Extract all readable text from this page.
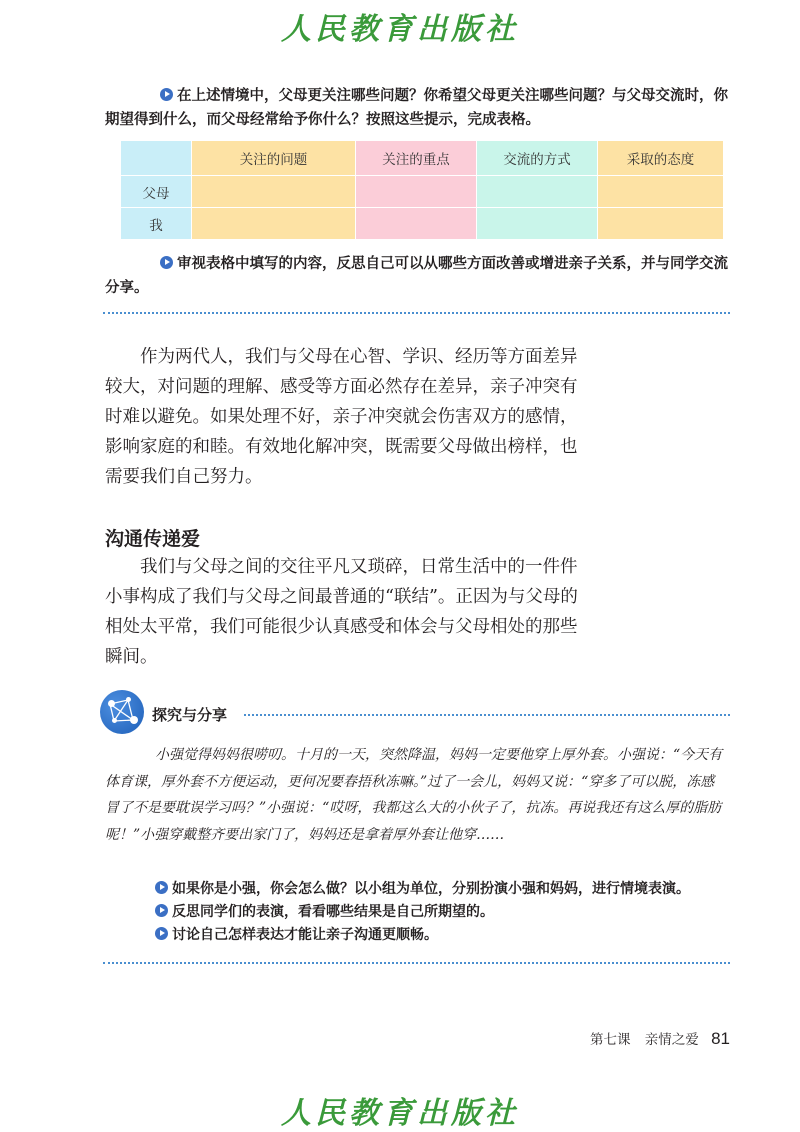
人民教育出版社
在上述情境中，父母更关注哪些问题？你希望父母更关注哪些问题？与父母交流时，你期望得到什么，而父母经常给予你什么？按照这些提示，完成表格。
	关注的问题	关注的重点	交流的方式	采取的态度
父母				
我				
审视表格中填写的内容，反思自己可以从哪些方面改善或增进亲子关系，并与同学交流分享。

作为两代人，我们与父母在心智、学识、经历等方面差异较大，对问题的理解、感受等方面必然存在差异，亲子冲突有时难以避免。如果处理不好，亲子冲突就会伤害双方的感情，影响家庭的和睦。有效地化解冲突，既需要父母做出榜样，也需要我们自己努力。

沟通传递爱

我们与父母之间的交往平凡又琐碎，日常生活中的一件件小事构成了我们与父母之间最普通的“联结”。正因为与父母的相处太平常，我们可能很少认真感受和体会与父母相处的那些瞬间。

探究与分享

小强觉得妈妈很唠叨。十月的一天，突然降温，妈妈一定要他穿上厚外套。小强说：“今天有体育课，厚外套不方便运动，更何况要春捂秋冻嘛。”过了一会儿，妈妈又说：“穿多了可以脱，冻感冒了不是要耽误学习吗？”小强说：“哎呀，我都这么大的小伙子了，抗冻。再说我还有这么厚的脂肪呢！”小强穿戴整齐要出家门了，妈妈还是拿着厚外套让他穿……

如果你是小强，你会怎么做？以小组为单位，分别扮演小强和妈妈，进行情境表演。
反思同学们的表演，看看哪些结果是自己所期望的。
讨论自己怎样表达才能让亲子沟通更顺畅。
第七课 亲情之爱 81
人民教育出版社
